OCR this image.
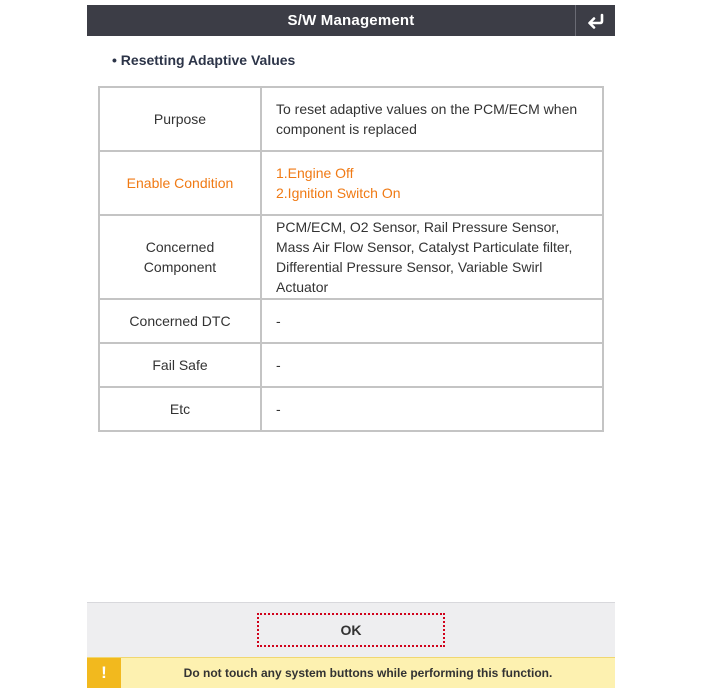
S/W Management
• Resetting Adaptive Values
Purpose	To reset adaptive values on the PCM/ECM when component is replaced
Enable Condition	1.Engine Off
2.Ignition Switch On

Concerned Component	PCM/ECM, O2 Sensor, Rail Pressure Sensor, Mass Air Flow Sensor, Catalyst Particulate filter, Differential Pressure Sensor, Variable Swirl Actuator
Concerned DTC	-
Fail Safe	-
Etc	-
OK
!	Do not touch any system buttons while performing this function.
